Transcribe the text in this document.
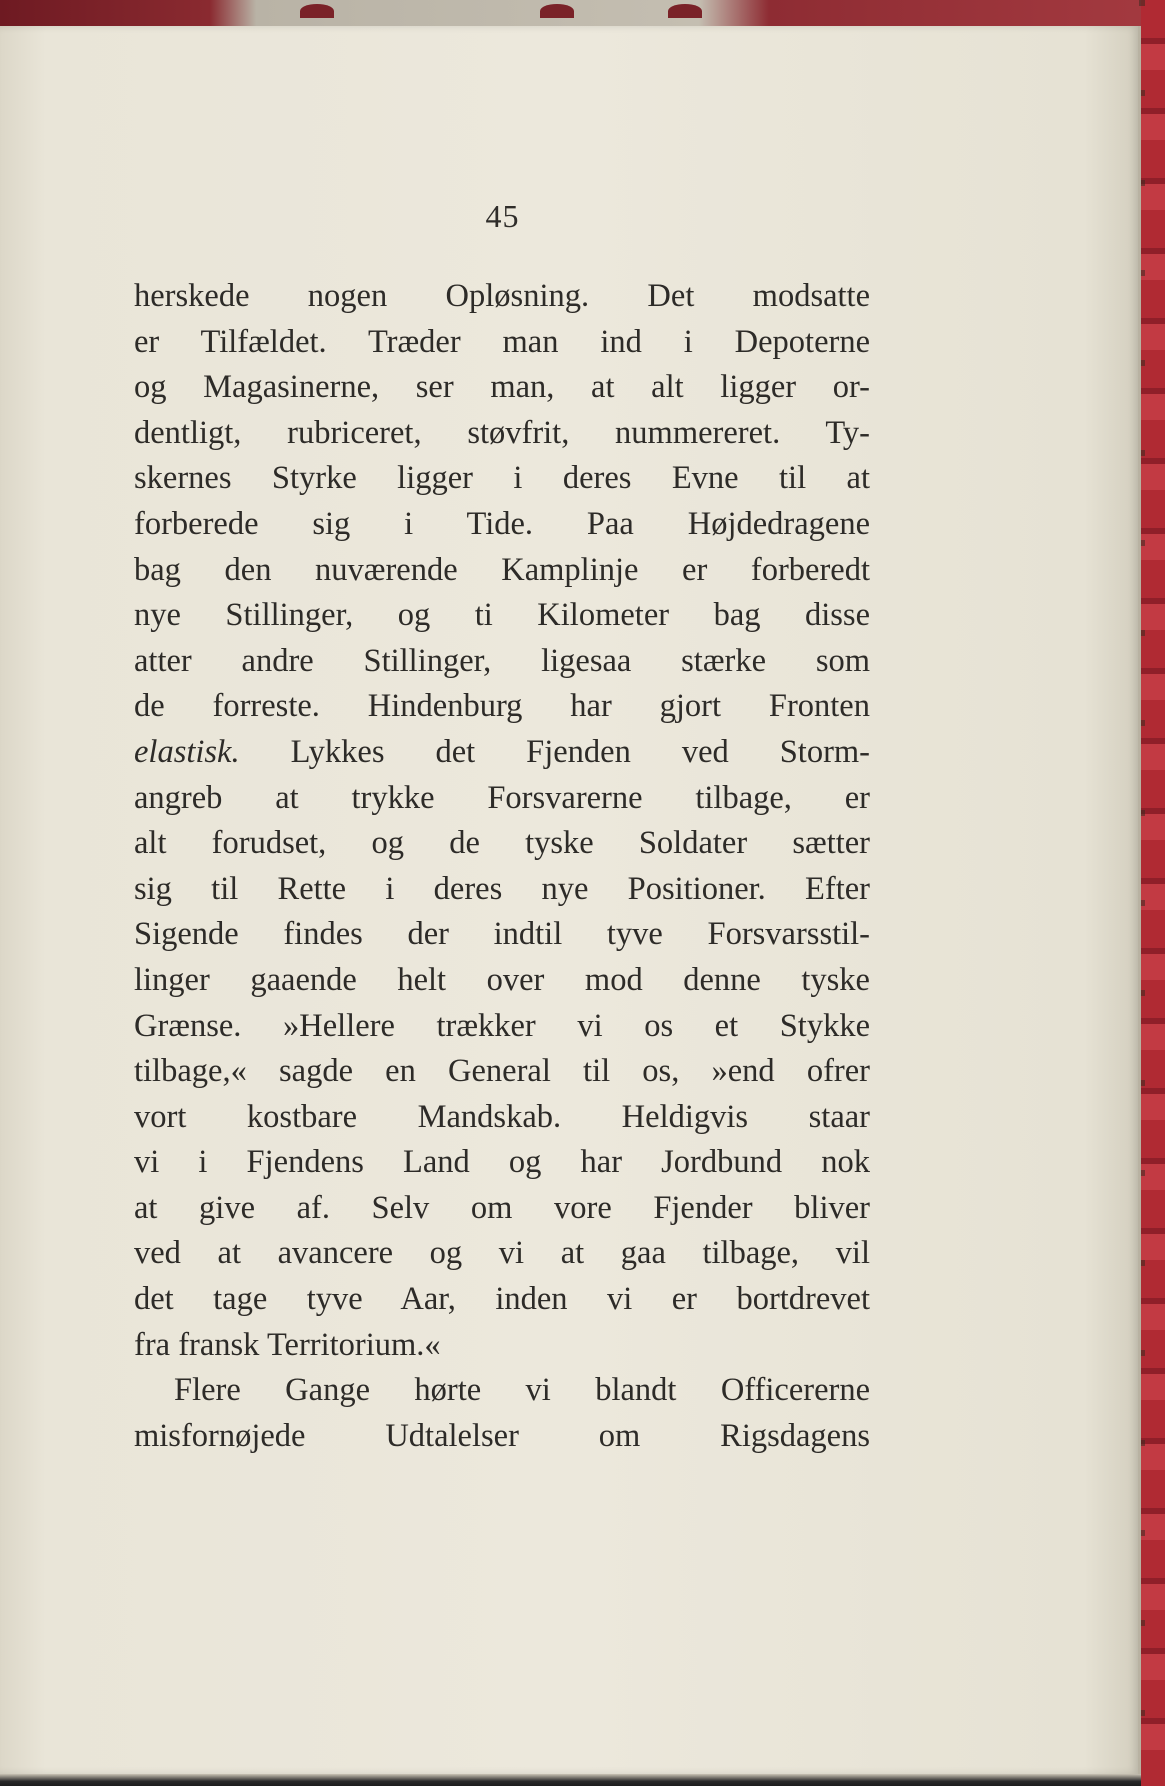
45
herskede nogen Opløsning. Det modsatte
er Tilfældet. Træder man ind i Depoterne
og Magasinerne, ser man, at alt ligger or-
dentligt, rubriceret, støvfrit, nummereret. Ty-
skernes Styrke ligger i deres Evne til at
forberede sig i Tide. Paa Højdedragene
bag den nuværende Kamplinje er forberedt
nye Stillinger, og ti Kilometer bag disse
atter andre Stillinger, ligesaa stærke som
de forreste. Hindenburg har gjort Fronten
elastisk. Lykkes det Fjenden ved Storm-
angreb at trykke Forsvarerne tilbage, er
alt forudset, og de tyske Soldater sætter
sig til Rette i deres nye Positioner. Efter
Sigende findes der indtil tyve Forsvarsstil-
linger gaaende helt over mod denne tyske
Grænse. »Hellere trækker vi os et Stykke
tilbage,« sagde en General til os, »end ofrer
vort kostbare Mandskab. Heldigvis staar
vi i Fjendens Land og har Jordbund nok
at give af. Selv om vore Fjender bliver
ved at avancere og vi at gaa tilbage, vil
det tage tyve Aar, inden vi er bortdrevet
fra fransk Territorium.«
Flere Gange hørte vi blandt Officererne
misfornøjede Udtalelser om Rigsdagens
